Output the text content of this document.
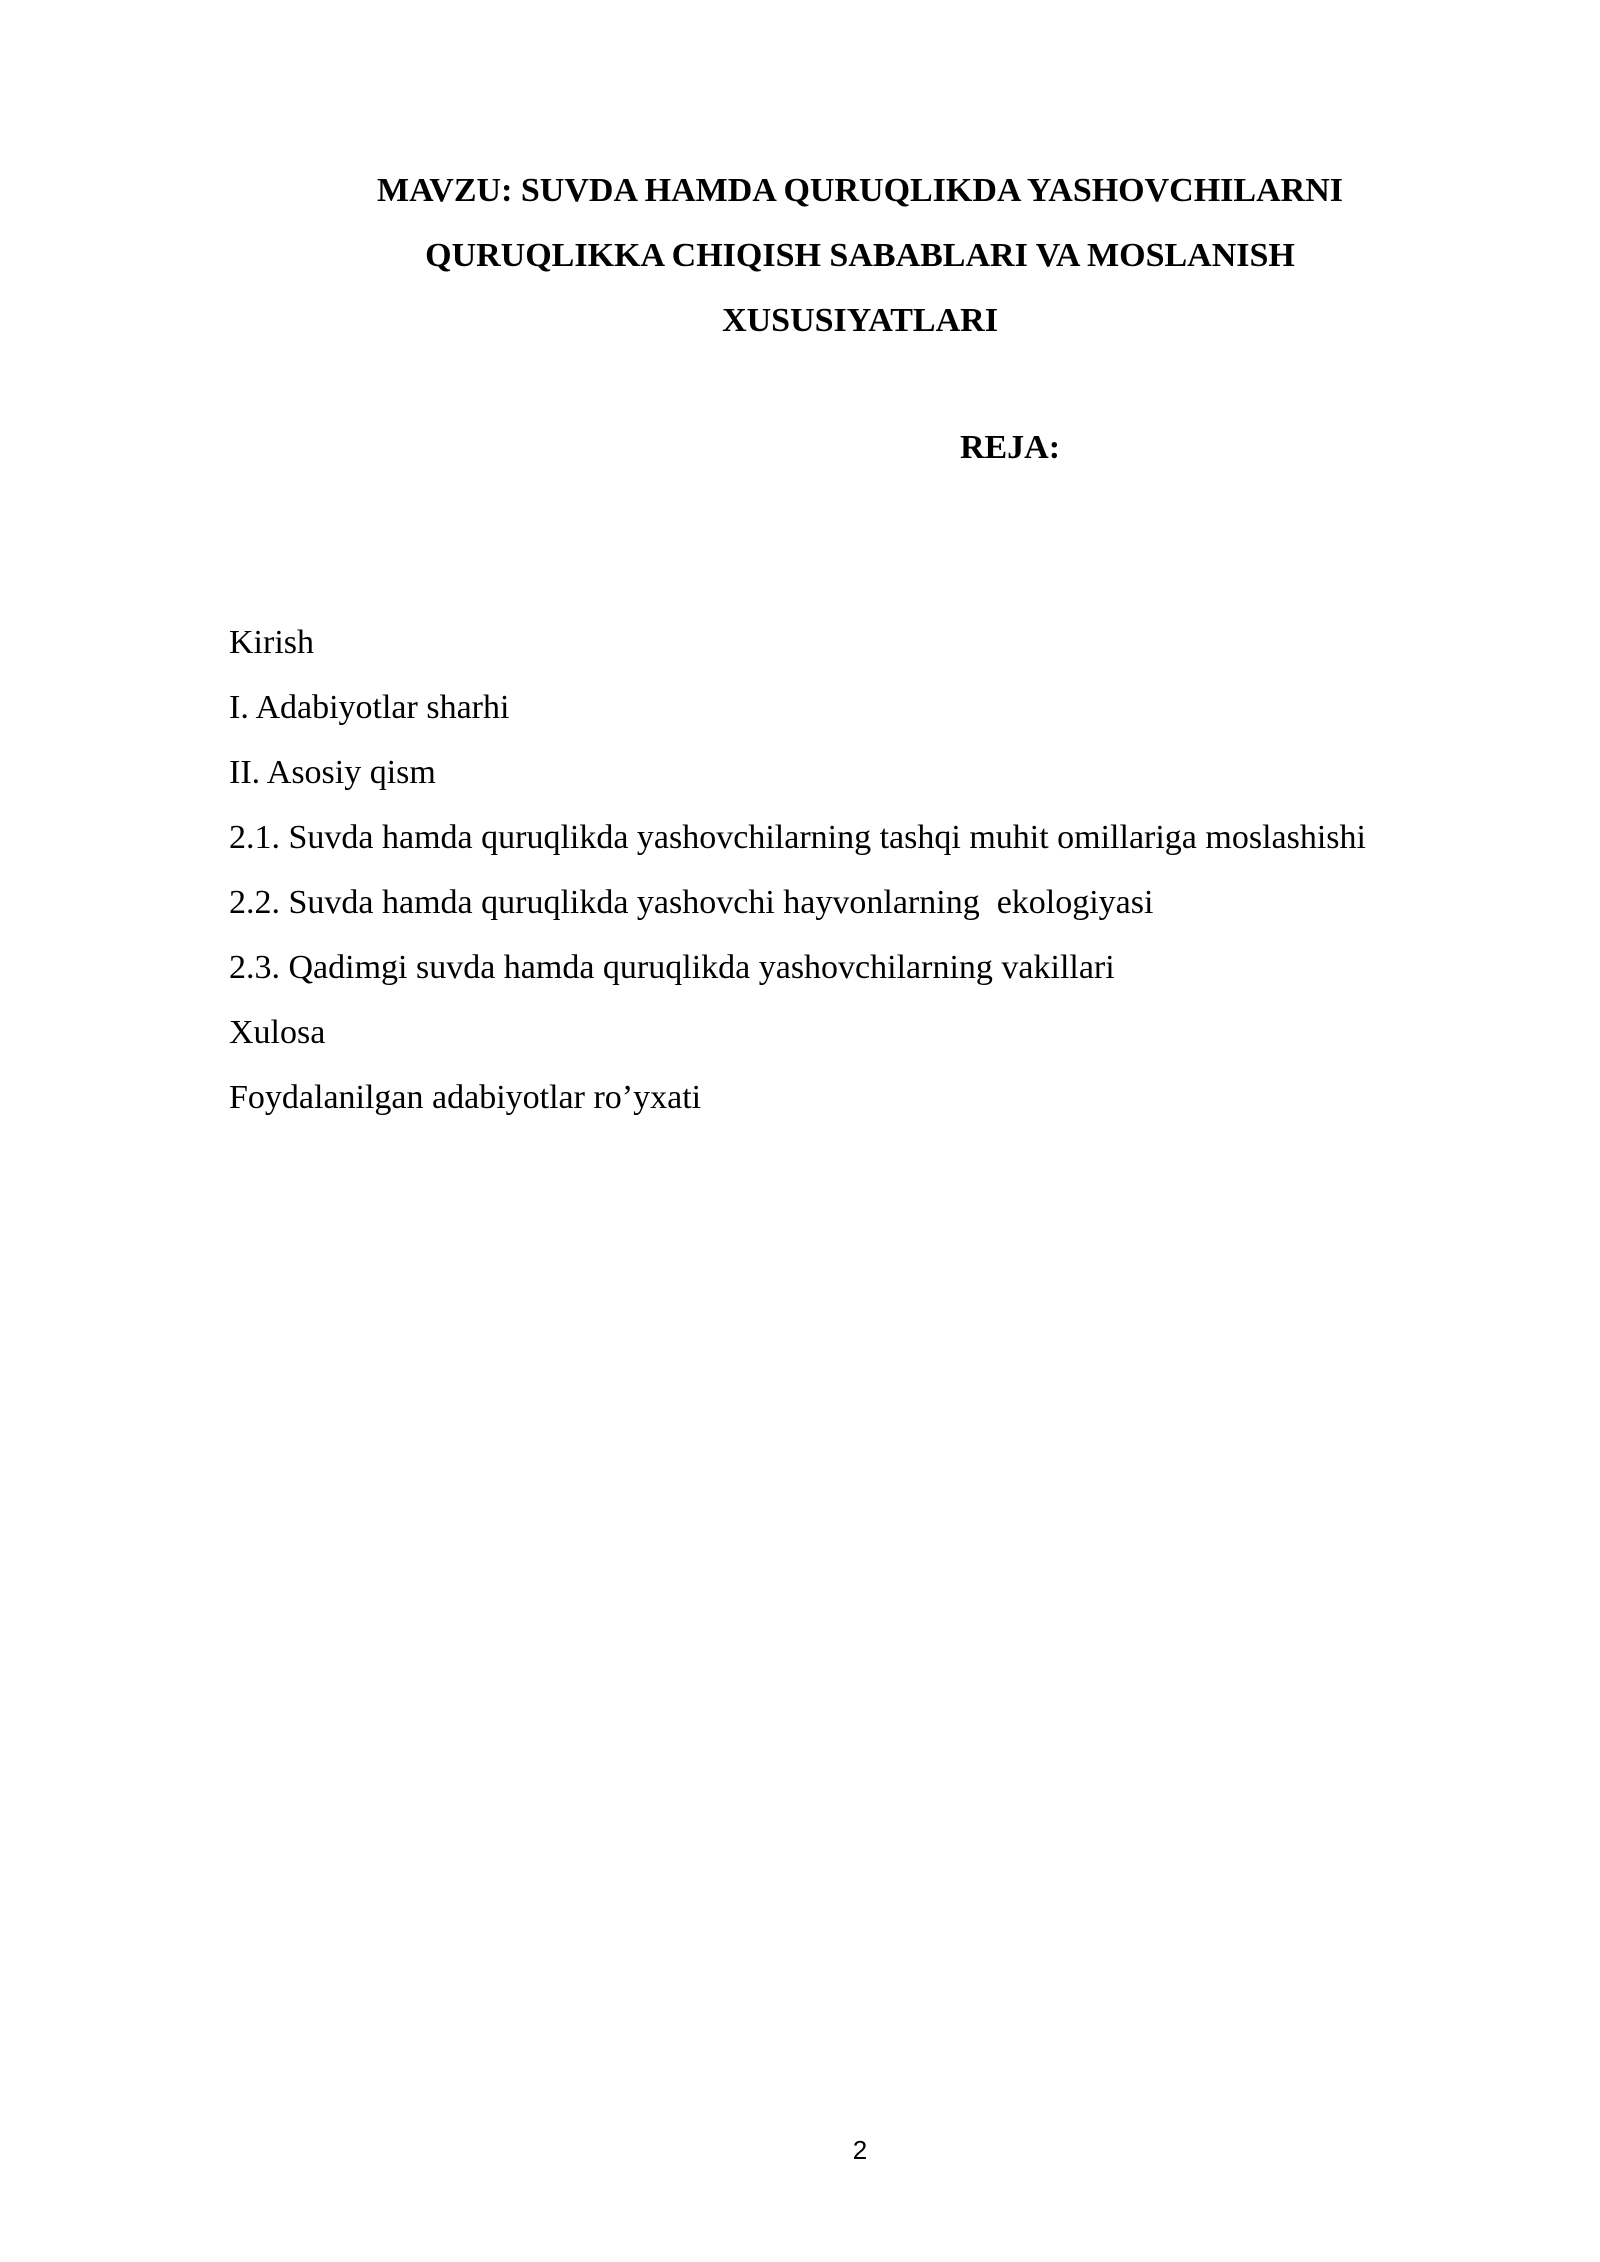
MAVZU: SUVDA HAMDA QURUQLIKDA YASHOVCHILARNI
QURUQLIKKA CHIQISH SABABLARI VA MOSLANISH
XUSUSIYATLARI
REJA:
Kirish
I. Adabiyotlar sharhi
II. Asosiy qism
2.1. Suvda hamda quruqlikda yashovchilarning tashqi muhit omillariga moslashishi
2.2. Suvda hamda quruqlikda yashovchi hayvonlarning  ekologiyasi
2.3. Qadimgi suvda hamda quruqlikda yashovchilarning vakillari
Xulosa
Foydalanilgan adabiyotlar ro’yxati
2
